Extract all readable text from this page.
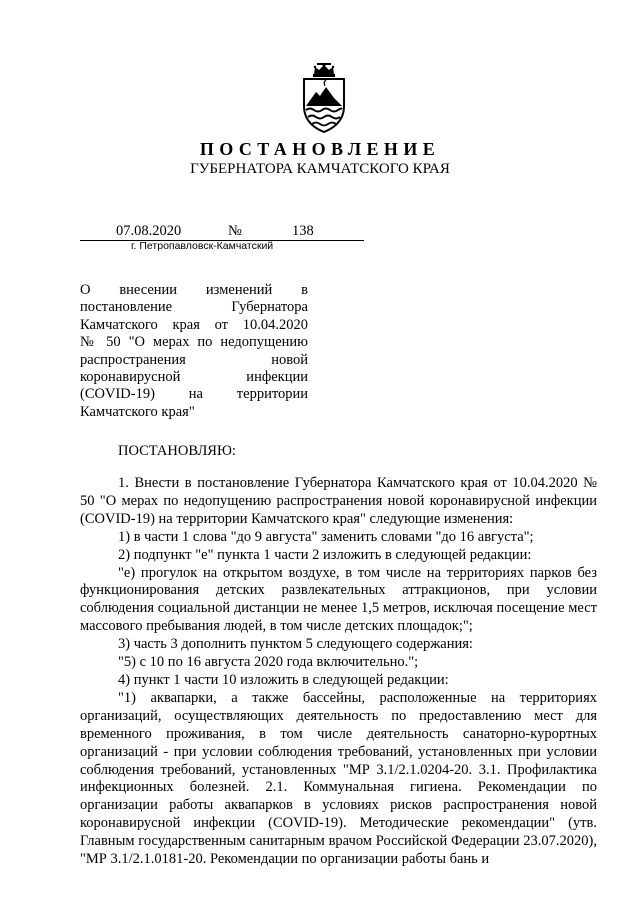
ПОСТАНОВЛЕНИЕ
ГУБЕРНАТОРА КАМЧАТСКОГО КРАЯ
07.08.2020	№	138
г. Петропавловск-Камчатский
О внесении изменений в
постановление Губернатора
Камчатского края от 10.04.2020
№ 50 "О мерах по недопущению
распространения новой
коронавирусной инфекции
(COVID-19) на территории
Камчатского края"
ПОСТАНОВЛЯЮ:

1. Внести в постановление Губернатора Камчатского края от 10.04.2020 № 50 "О мерах по недопущению распространения новой коронавирусной инфекции (COVID-19) на территории Камчатского края" следующие изменения:

1) в части 1 слова "до 9 августа" заменить словами "до 16 августа";

2) подпункт "е" пункта 1 части 2 изложить в следующей редакции:

"е) прогулок на открытом воздухе, в том числе на территориях парков без функционирования детских развлекательных аттракционов, при условии соблюдения социальной дистанции не менее 1,5 метров, исключая посещение мест массового пребывания людей, в том числе детских площадок;";

3) часть 3 дополнить пунктом 5 следующего содержания:

"5) с 10 по 16 августа 2020 года включительно.";

4) пункт 1 части 10 изложить в следующей редакции:

"1) аквапарки, а также бассейны, расположенные на территориях организаций, осуществляющих деятельность по предоставлению мест для временного проживания, в том числе деятельность санаторно-курортных организаций - при условии соблюдения требований, установленных при условии соблюдения требований, установленных "МР 3.1/2.1.0204-20. 3.1. Профилактика инфекционных болезней. 2.1. Коммунальная гигиена. Рекомендации по организации работы аквапарков в условиях рисков распространения новой коронавирусной инфекции (COVID-19). Методические рекомендации" (утв. Главным государственным санитарным врачом Российской Федерации 23.07.2020), "МР 3.1/2.1.0181-20. Рекомендации по организации работы бань и
